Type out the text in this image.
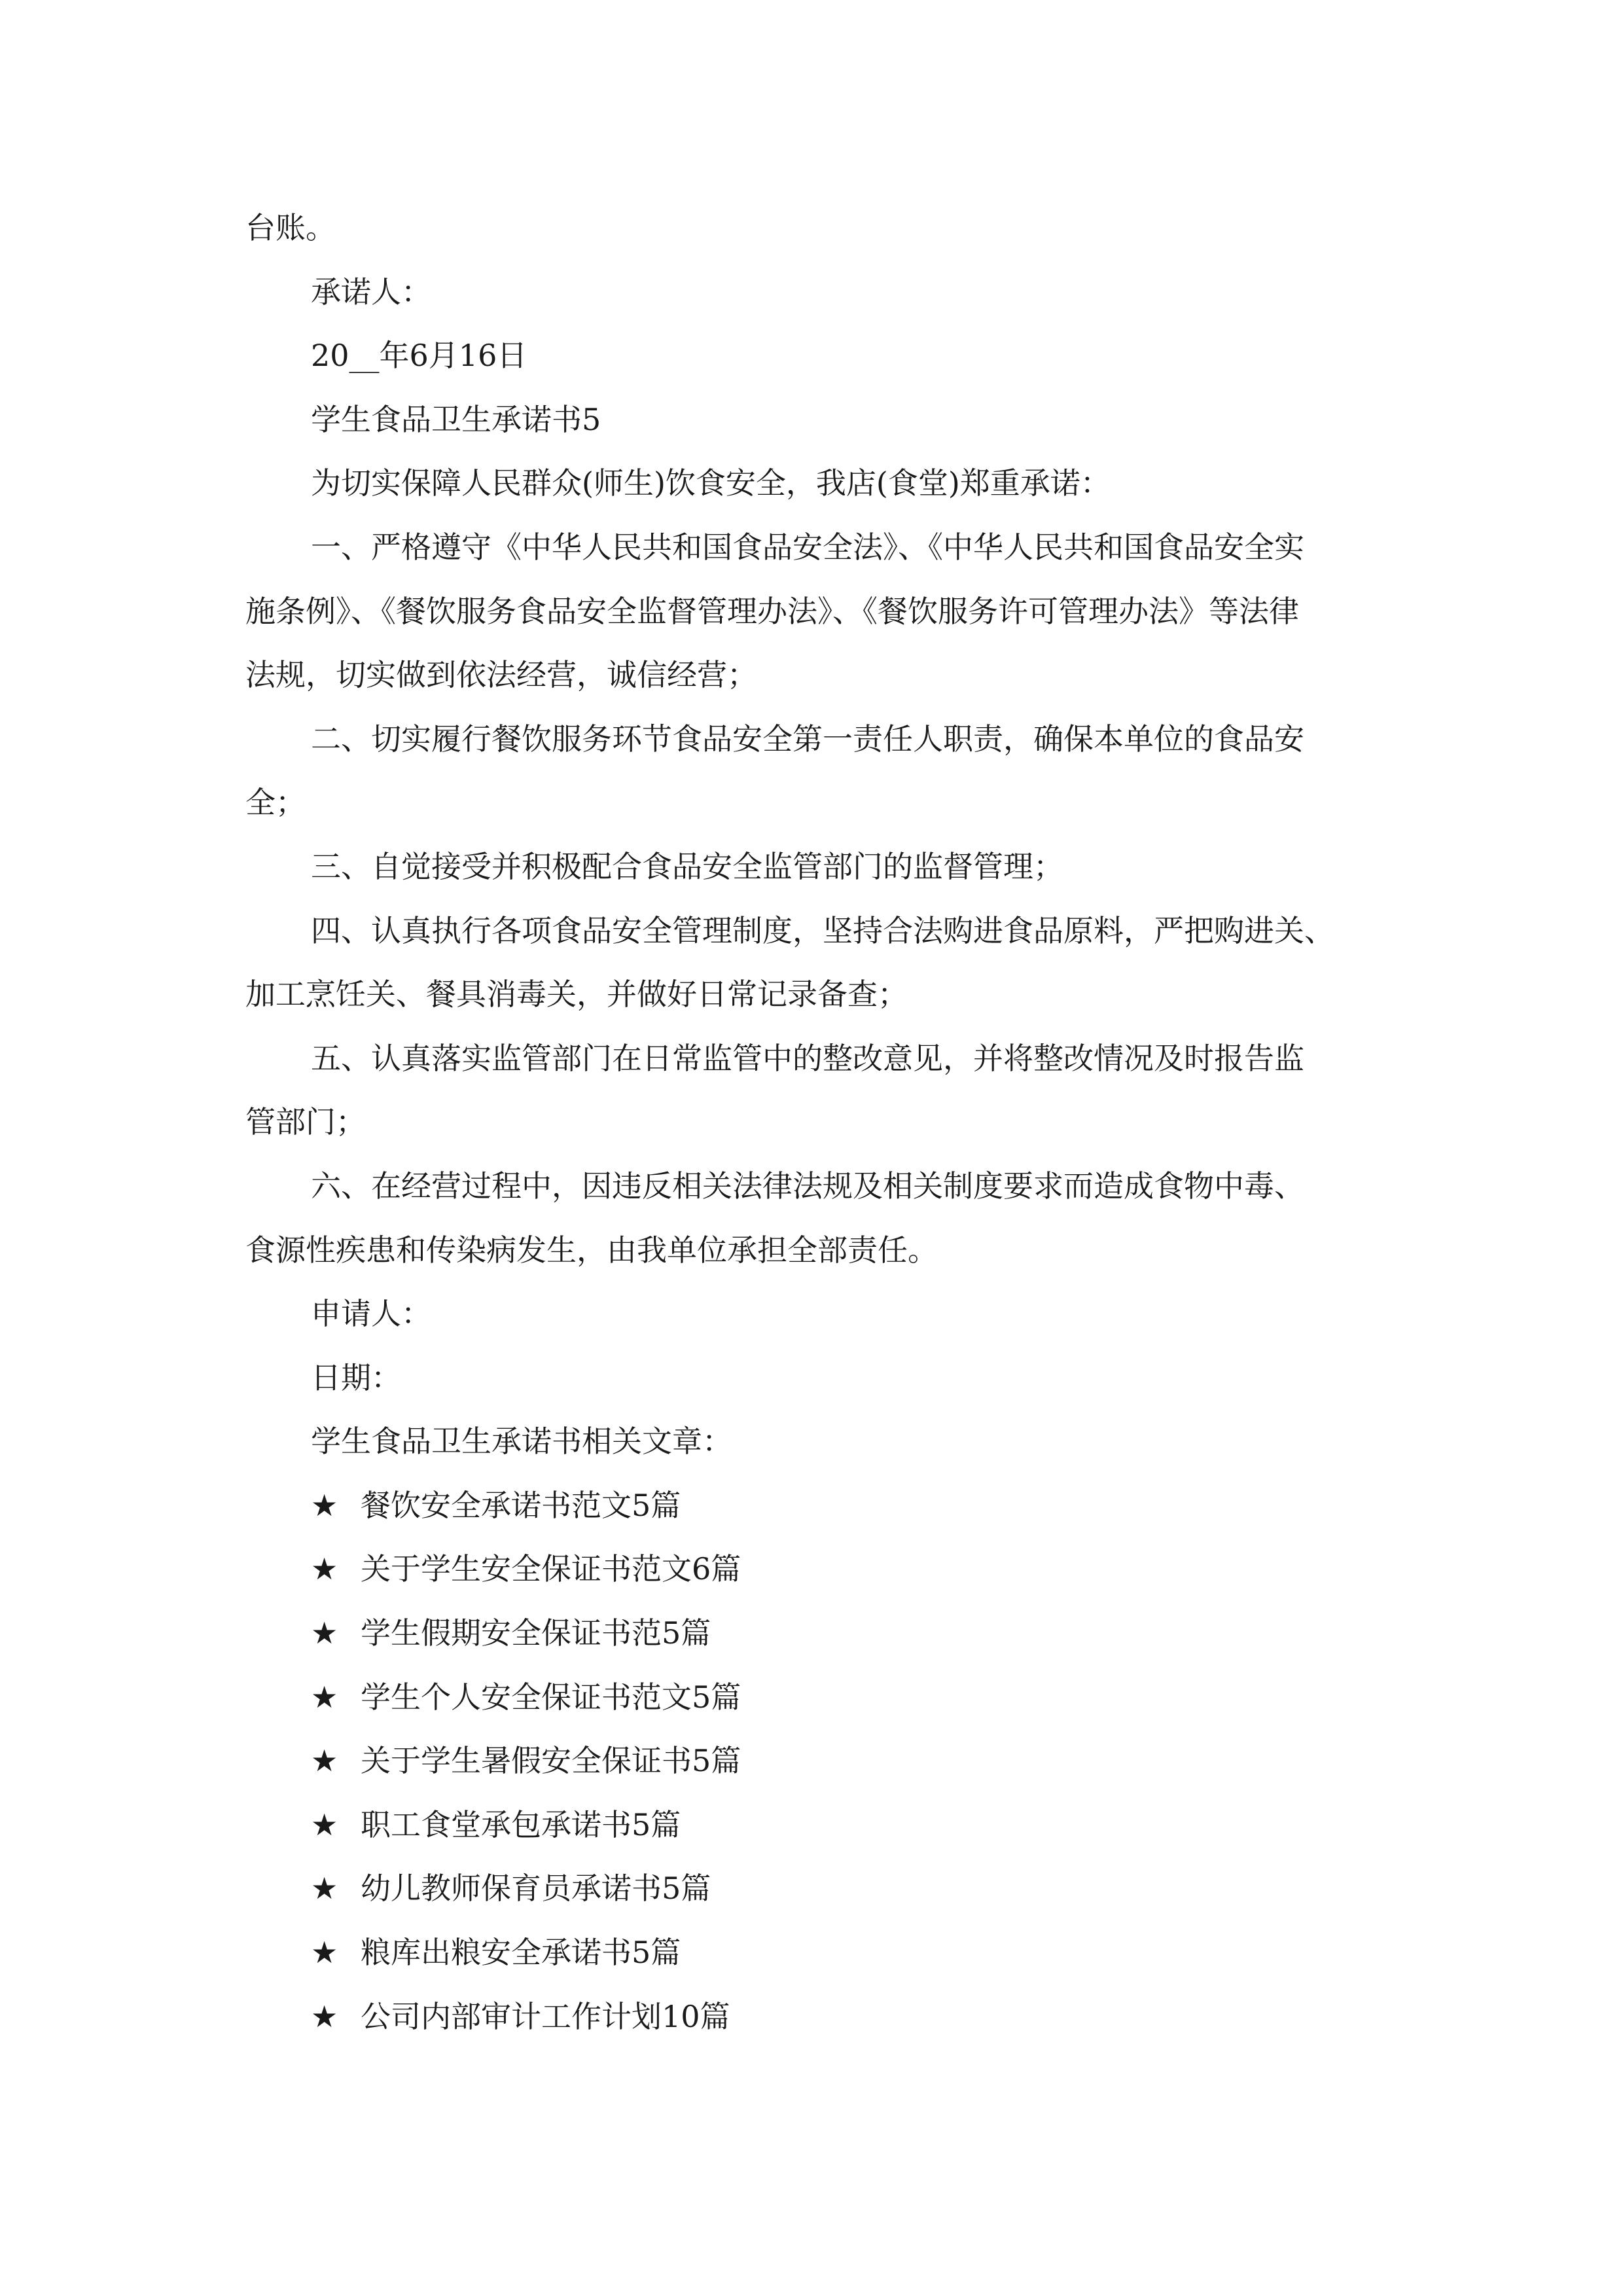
台账。
承诺人：
20__年6月16日
学生食品卫生承诺书5
为切实保障人民群众(师生)饮食安全，我店(食堂)郑重承诺：
一、严格遵守《中华人民共和国食品安全法》、《中华人民共和国食品安全实
施条例》、《餐饮服务食品安全监督管理办法》、《餐饮服务许可管理办法》等法律
法规，切实做到依法经营，诚信经营；
二、切实履行餐饮服务环节食品安全第一责任人职责，确保本单位的食品安
全；
三、自觉接受并积极配合食品安全监管部门的监督管理；
四、认真执行各项食品安全管理制度，坚持合法购进食品原料，严把购进关、
加工烹饪关、餐具消毒关，并做好日常记录备查；
五、认真落实监管部门在日常监管中的整改意见，并将整改情况及时报告监
管部门；
六、在经营过程中，因违反相关法律法规及相关制度要求而造成食物中毒、
食源性疾患和传染病发生，由我单位承担全部责任。
申请人：
日期：
学生食品卫生承诺书相关文章：
★ 餐饮安全承诺书范文5篇
★ 关于学生安全保证书范文6篇
★ 学生假期安全保证书范5篇
★ 学生个人安全保证书范文5篇
★ 关于学生暑假安全保证书5篇
★ 职工食堂承包承诺书5篇
★ 幼儿教师保育员承诺书5篇
★ 粮库出粮安全承诺书5篇
★ 公司内部审计工作计划10篇
